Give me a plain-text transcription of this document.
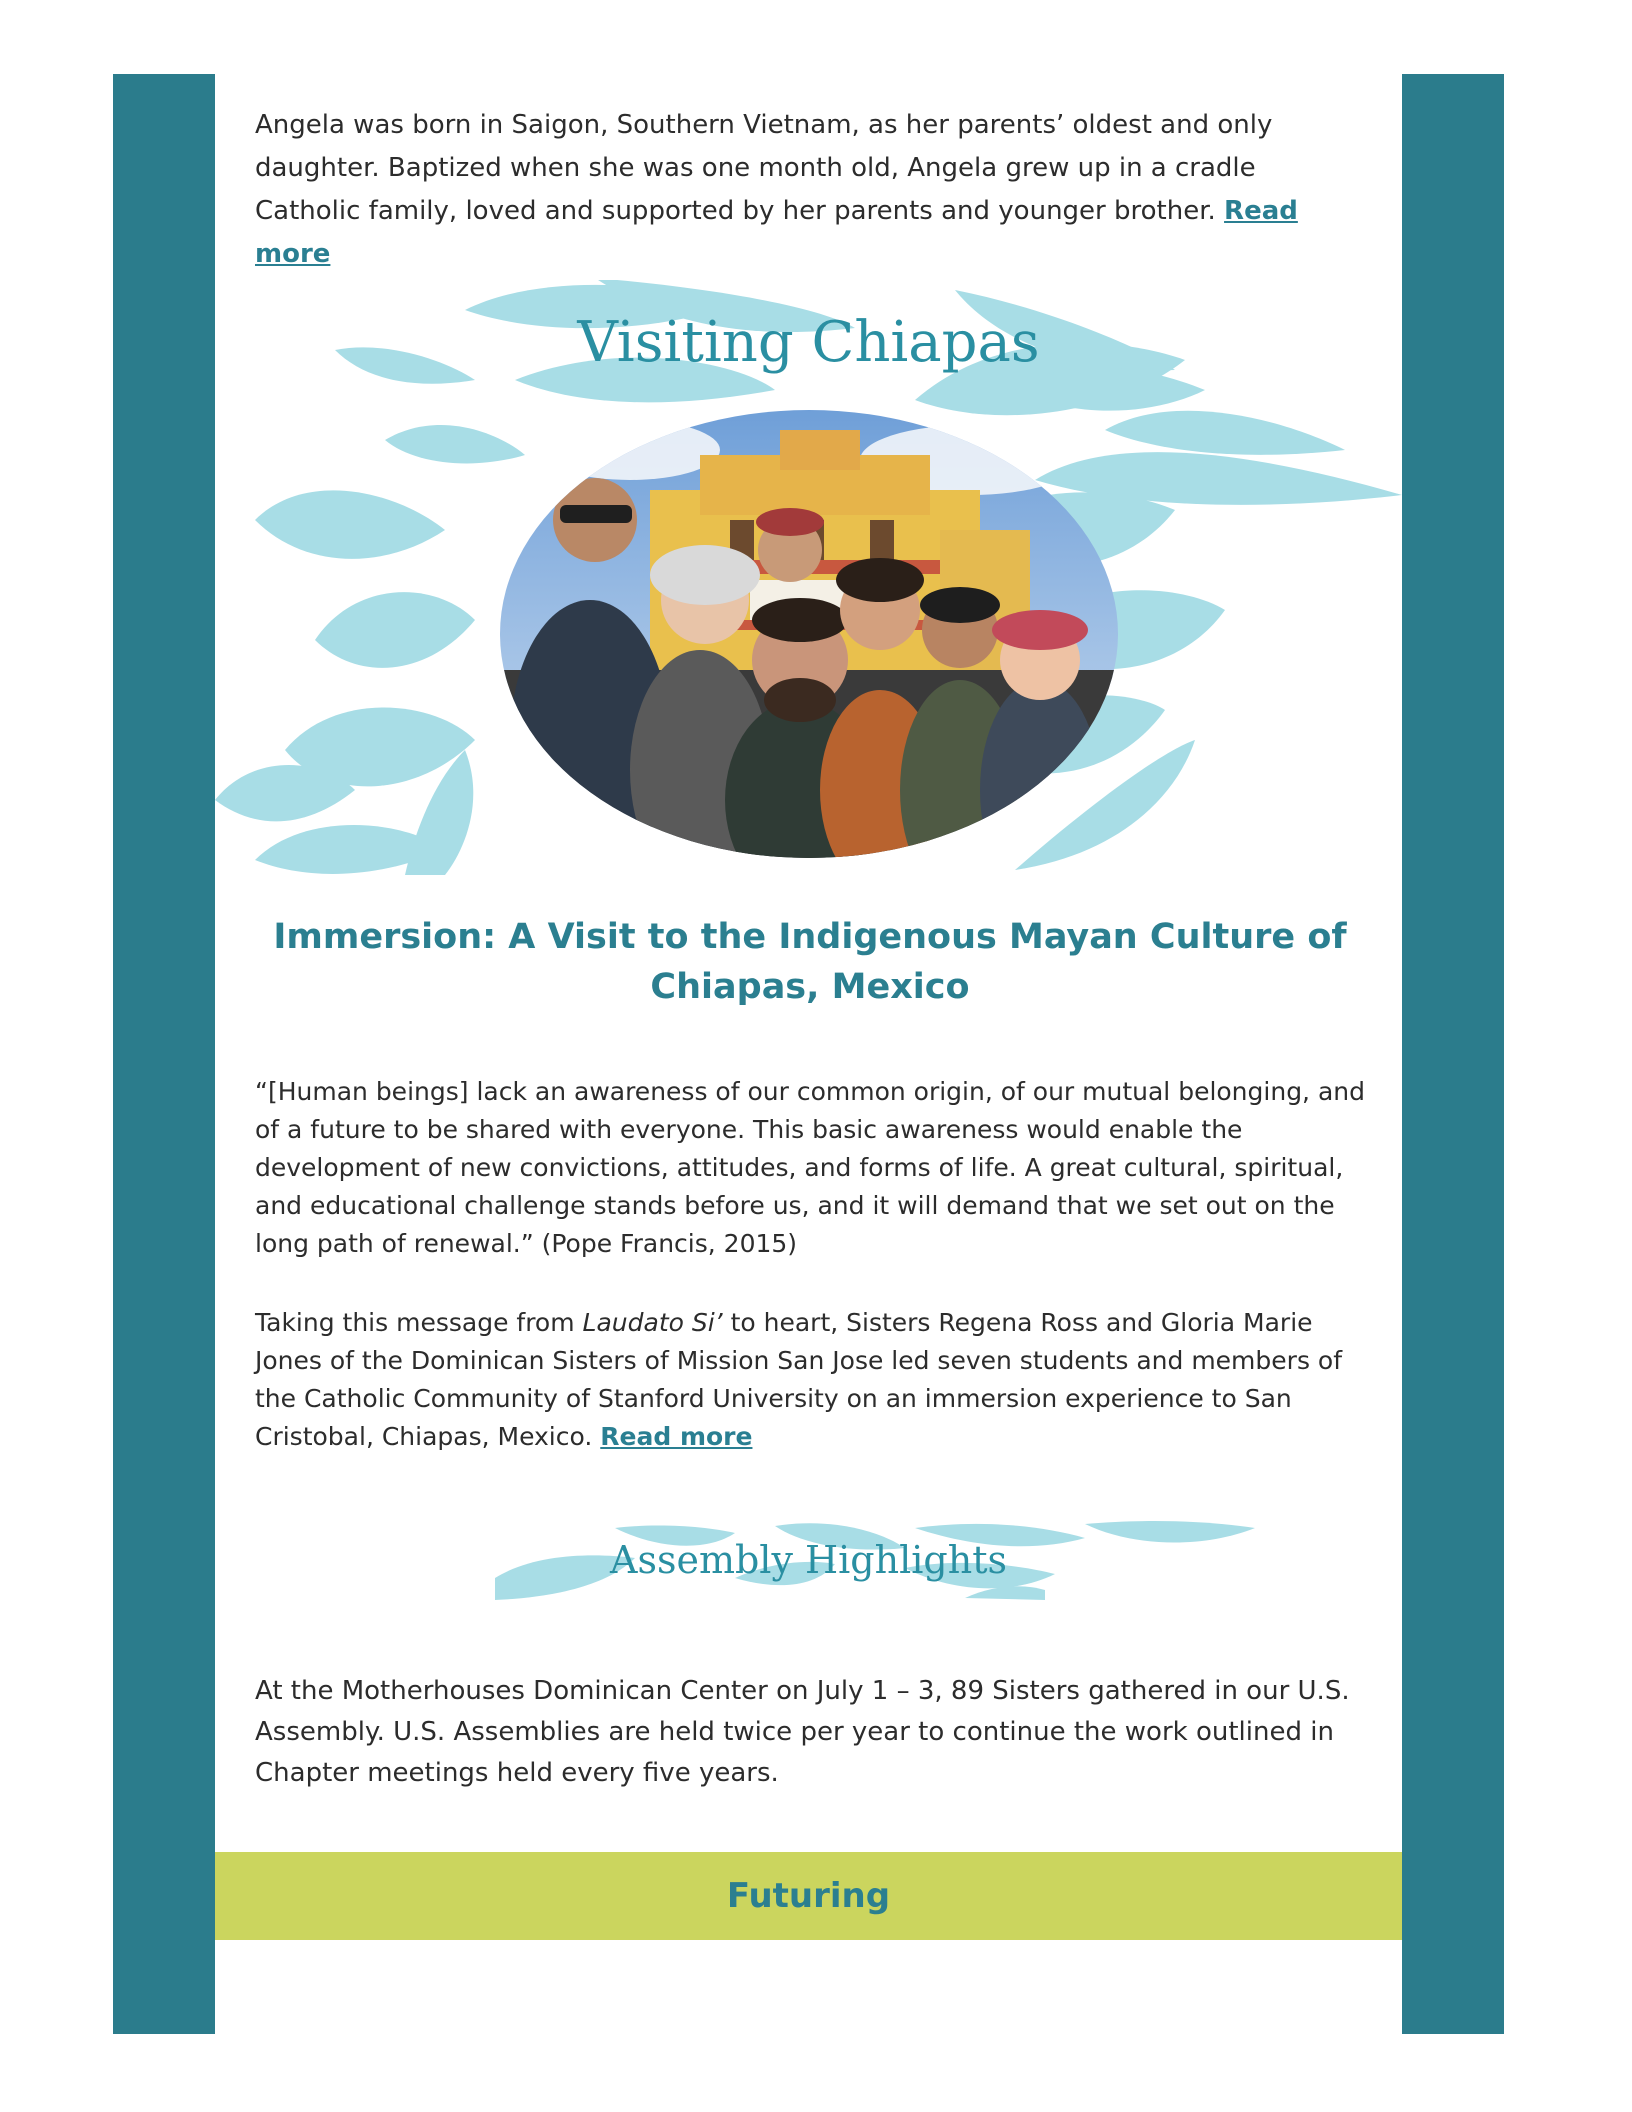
Angela was born in Saigon, Southern Vietnam, as her parents’ oldest and only daughter. Baptized when she was one month old, Angela grew up in a cradle Catholic family, loved and supported by her parents and younger brother. Read more

Visiting Chiapas
Immersion: A Visit to the Indigenous Mayan Culture of Chiapas, Mexico

“[Human beings] lack an awareness of our common origin, of our mutual belonging, and of a future to be shared with everyone. This basic awareness would enable the development of new convictions, attitudes, and forms of life. A great cultural, spiritual, and educational challenge stands before us, and it will demand that we set out on the long path of renewal.” (Pope Francis, 2015)

Taking this message from Laudato Si’ to heart, Sisters Regena Ross and Gloria Marie Jones of the Dominican Sisters of Mission San Jose led seven students and members of the Catholic Community of Stanford University on an immersion experience to San Cristobal, Chiapas, Mexico. Read more

Assembly Highlights

At the Motherhouses Dominican Center on July 1 – 3, 89 Sisters gathered in our U.S. Assembly. U.S. Assemblies are held twice per year to continue the work outlined in Chapter meetings held every five years.

Futuring
